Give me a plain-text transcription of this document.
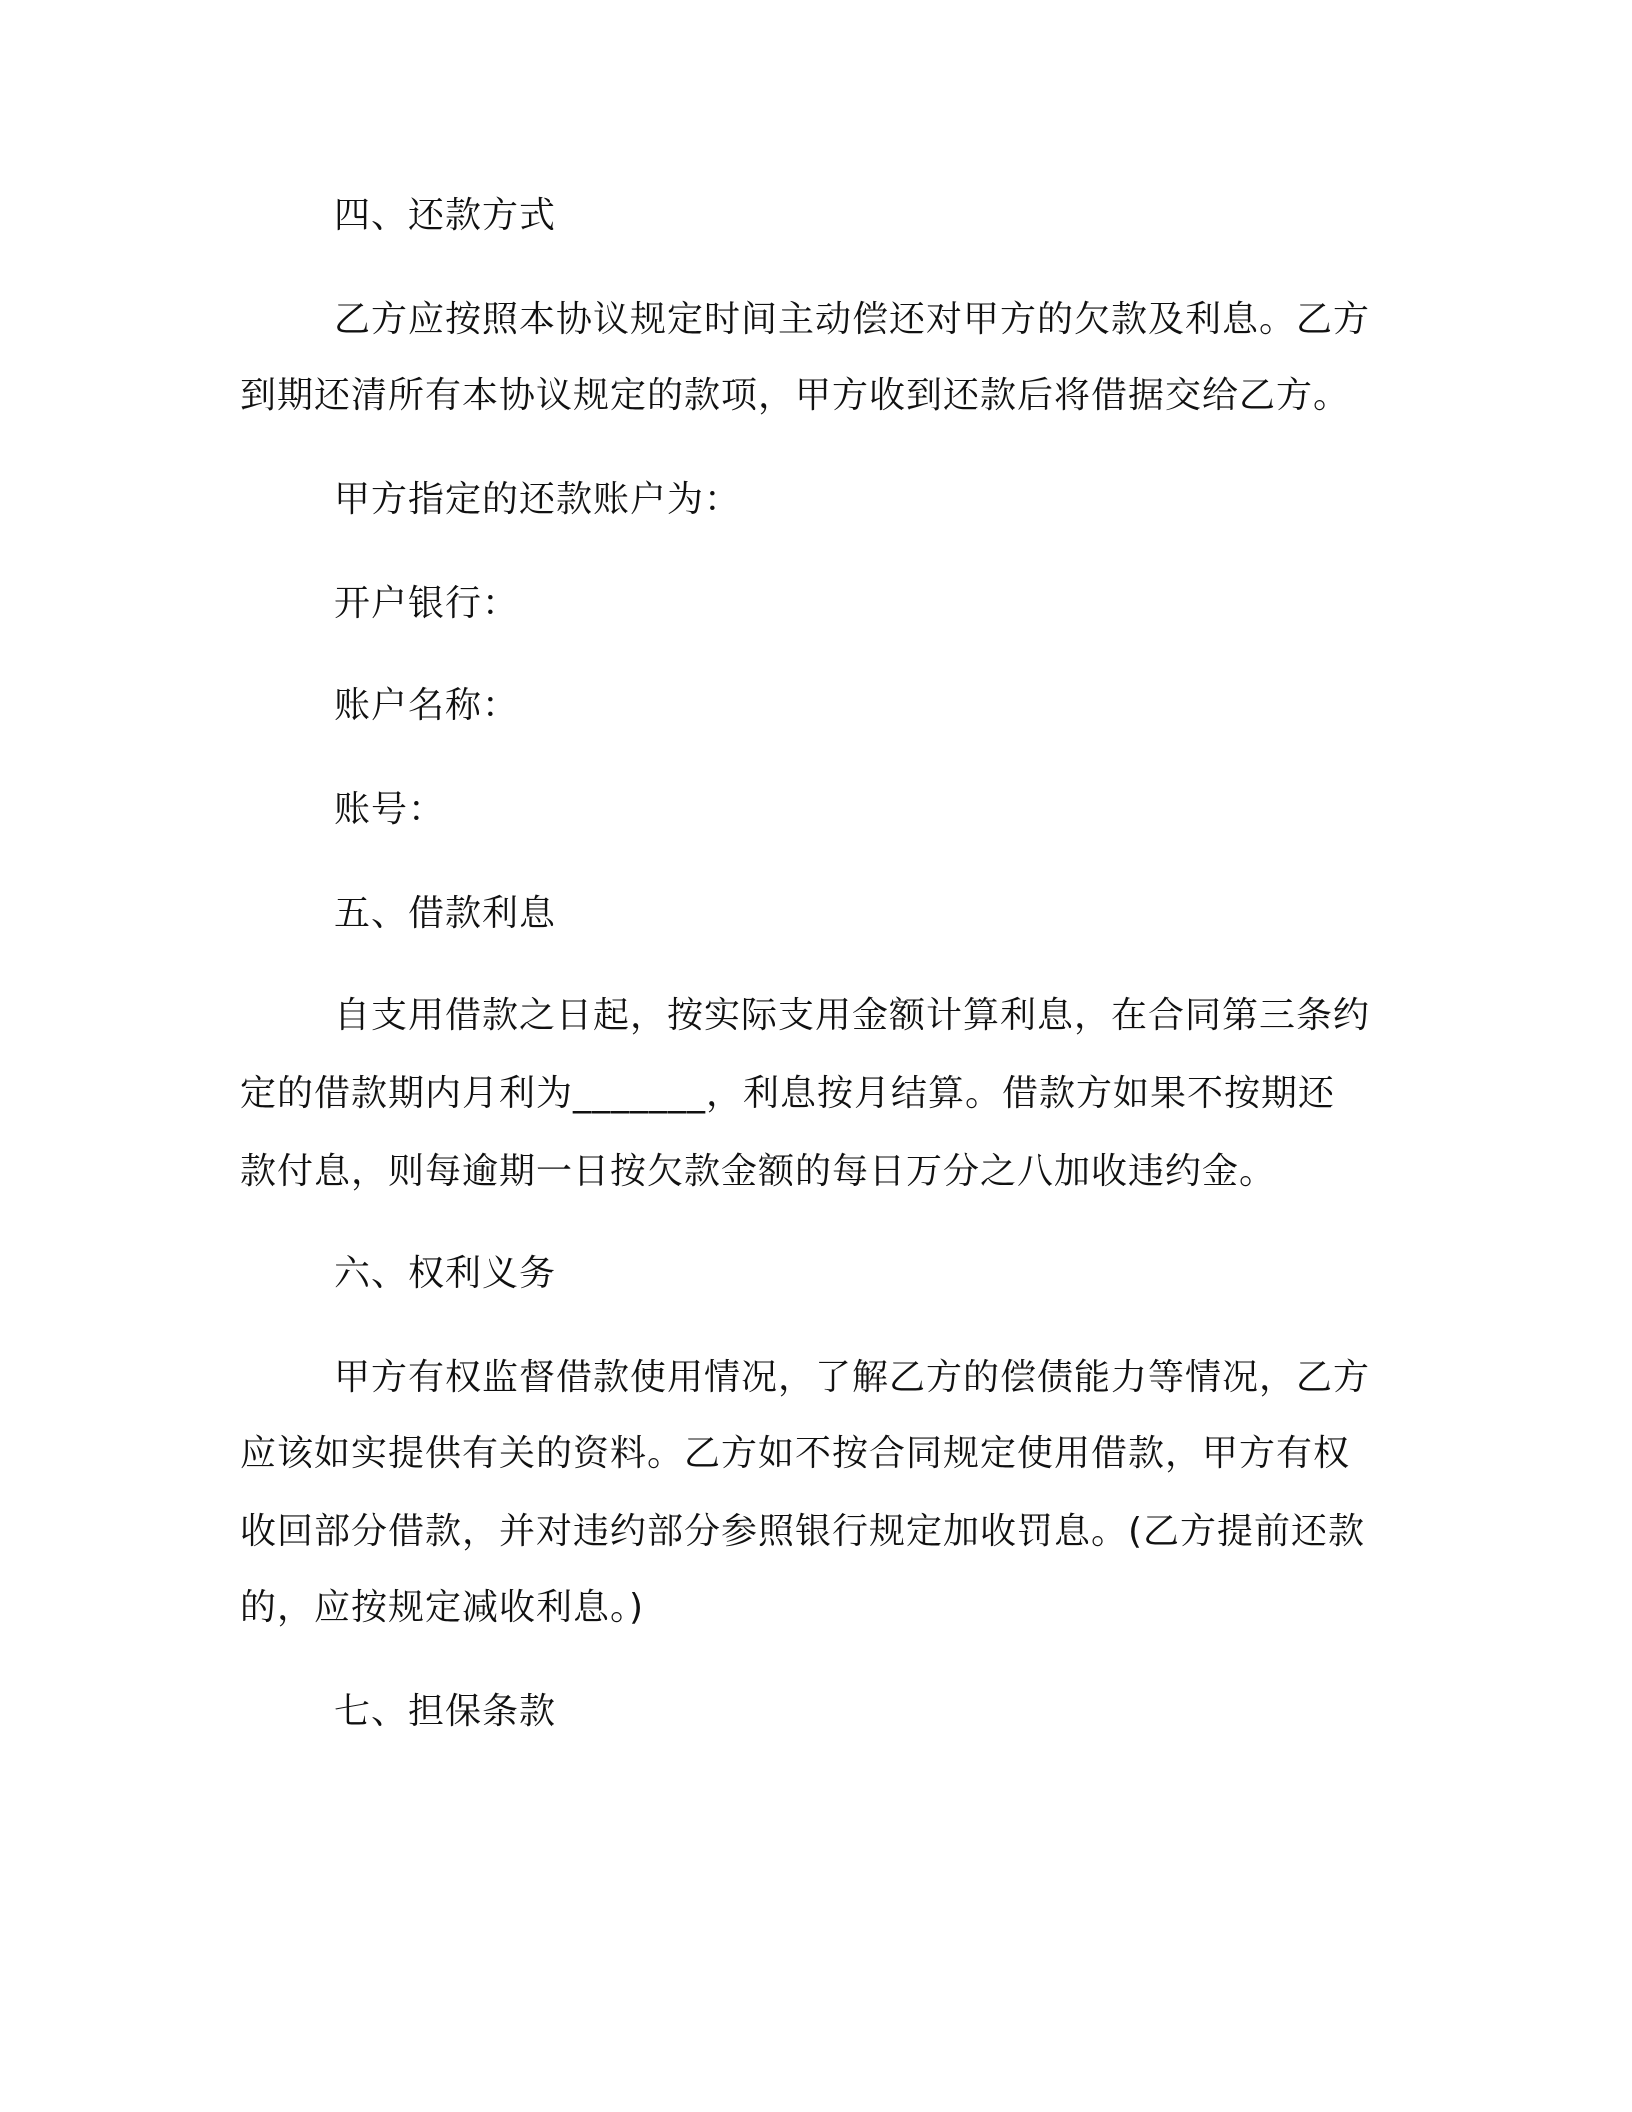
四、还款方式
乙方应按照本协议规定时间主动偿还对甲方的欠款及利息。乙方
到期还清所有本协议规定的款项，甲方收到还款后将借据交给乙方。
甲方指定的还款账户为：
开户银行：
账户名称：
账号：
五、借款利息
自支用借款之日起，按实际支用金额计算利息，在合同第三条约
定的借款期内月利为_______，利息按月结算。借款方如果不按期还
款付息，则每逾期一日按欠款金额的每日万分之八加收违约金。
六、权利义务
甲方有权监督借款使用情况，了解乙方的偿债能力等情况，乙方
应该如实提供有关的资料。乙方如不按合同规定使用借款，甲方有权
收回部分借款，并对违约部分参照银行规定加收罚息。(乙方提前还款
的，应按规定减收利息。)
七、担保条款
